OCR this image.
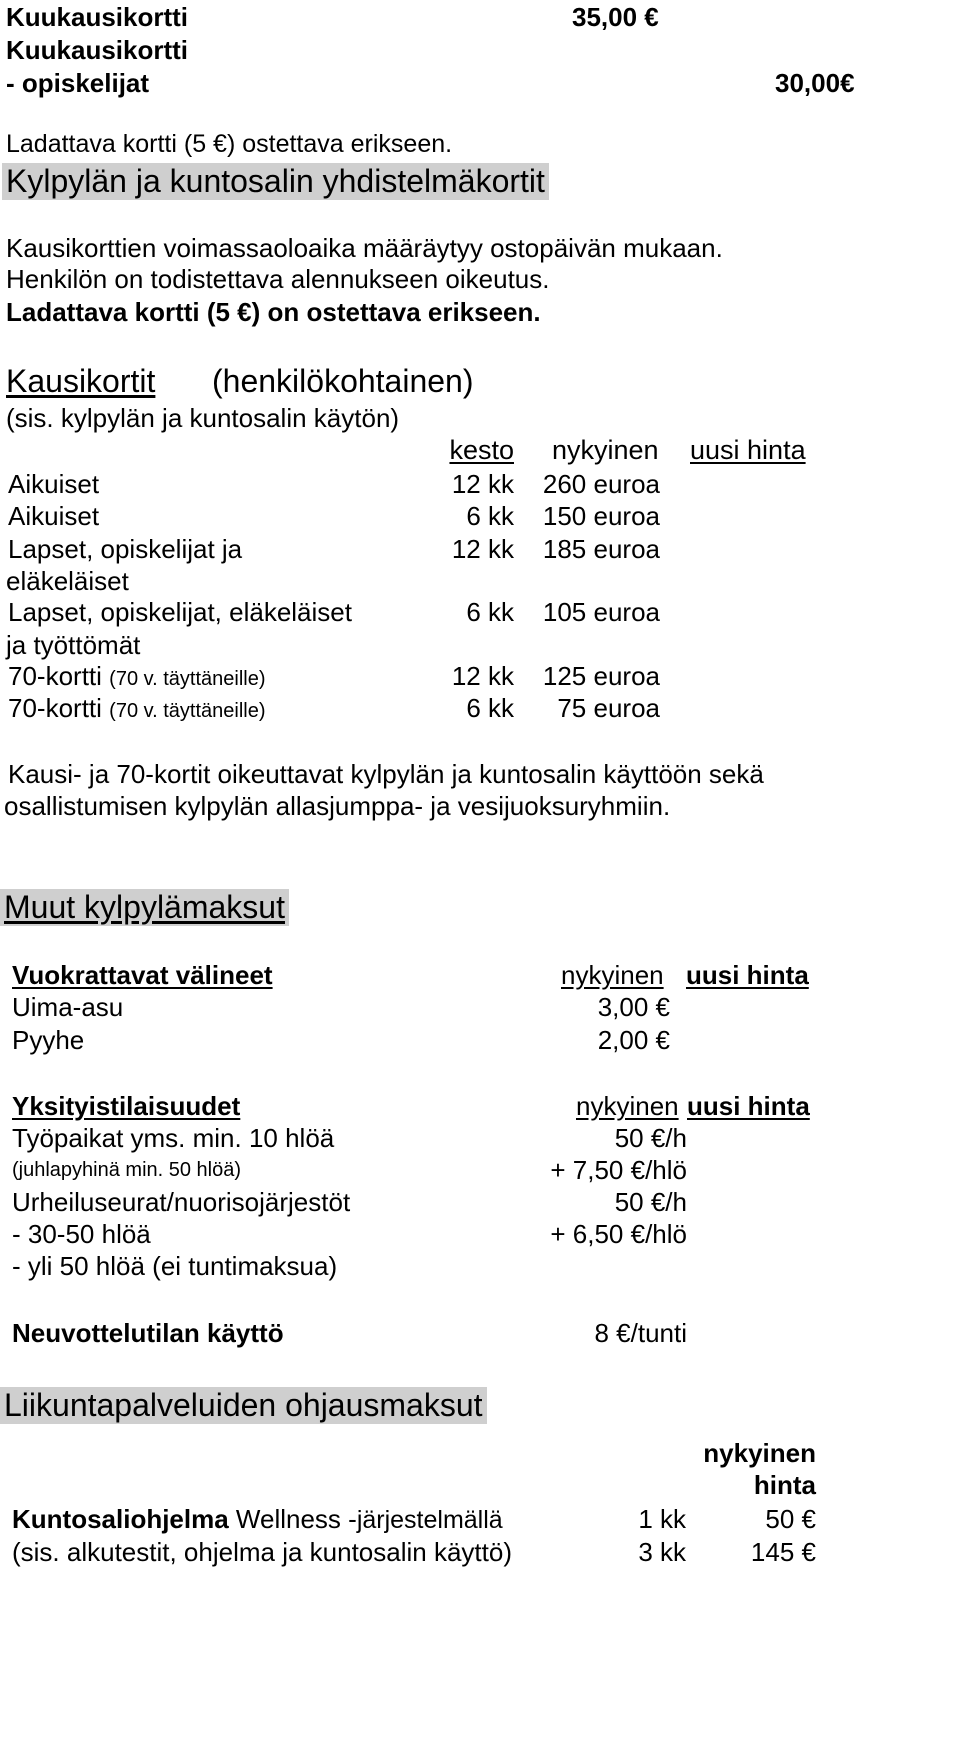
Kuukausikortti	35,00 €
Kuukausikortti
- opiskelijat	30,00€
Ladattava kortti (5 €) ostettava erikseen.
Kylpylän ja kuntosalin yhdistelmäkortit
Kausikorttien voimassaoloaika määräytyy ostopäivän mukaan.
Henkilön on todistettava alennukseen oikeutus.
Ladattava kortti (5 €) on ostettava erikseen.
Kausikortit (henkilökohtainen)
(sis. kylpylän ja kuntosalin käytön)
kesto nykyinen uusi hinta
Aikuiset	12 kk	260 euroa
Aikuiset	6 kk	150 euroa
Lapset, opiskelijat ja
eläkeläiset
12 kk	185 euroa
Lapset, opiskelijat, eläkeläiset
ja työttömät
6 kk	105 euroa
70-kortti (70 v. täyttäneille)	12 kk	125 euroa
70-kortti (70 v. täyttäneille)	6 kk	75 euroa
Kausi- ja 70-kortit oikeuttavat kylpylän ja kuntosalin käyttöön sekä
osallistumisen kylpylän allasjumppa- ja vesijuoksuryhmiin.
Muut kylpylämaksut
Vuokrattavat välineet	nykyinen uusi hinta
Uima-asu	3,00 €
Pyyhe	2,00 €
Yksityistilaisuudet	nykyinen uusi hinta
Työpaikat yms. min. 10 hlöä	50 €/h
(juhlapyhinä min. 50 hlöä)	+ 7,50 €/hlö
Urheiluseurat/nuorisojärjestöt	50 €/h
- 30-50 hlöä	+ 6,50 €/hlö
- yli 50 hlöä (ei tuntimaksua)
Neuvottelutilan käyttö	8 €/tunti
Liikuntapalveluiden ohjausmaksut
nykyinen
hinta
Kuntosaliohjelma Wellness -järjestelmällä	1 kk	50 €
(sis. alkutestit, ohjelma ja kuntosalin käyttö)	3 kk	145 €
